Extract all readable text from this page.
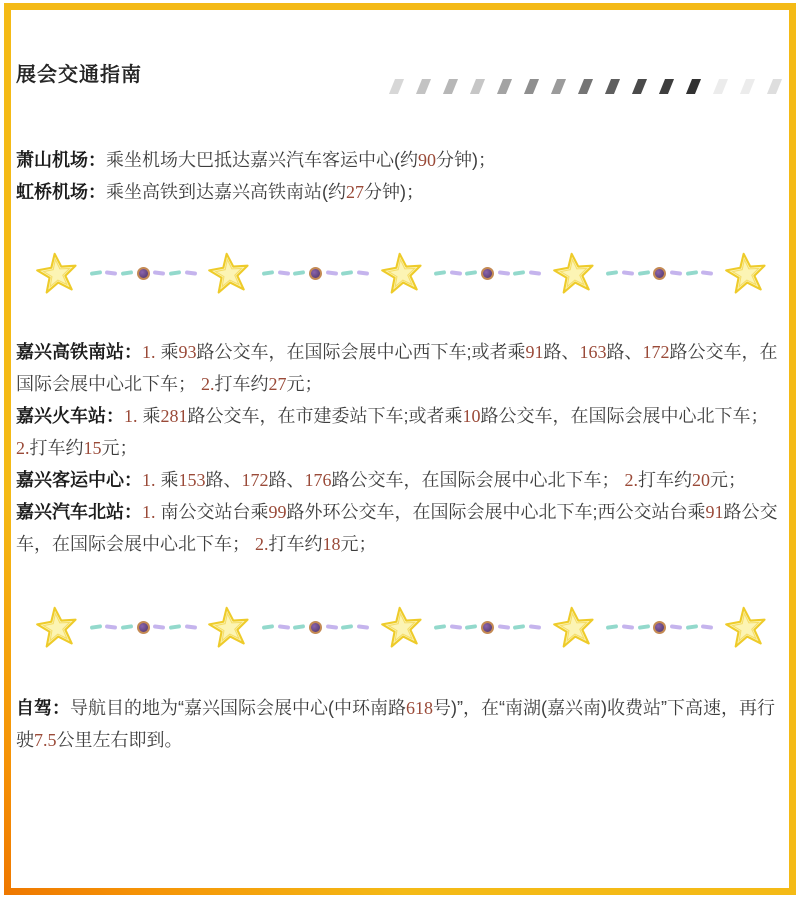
展会交通指南

萧山机场：乘坐机场大巴抵达嘉兴汽车客运中心(约90分钟)；

虹桥机场：乘坐高铁到达嘉兴高铁南站(约27分钟)；

嘉兴高铁南站：1. 乘93路公交车，在国际会展中心西下车;或者乘91路、163路、172路公交车，在国际会展中心北下车； 2.打车约27元；

嘉兴火车站：1. 乘281路公交车，在市建委站下车;或者乘10路公交车，在国际会展中心北下车； 2.打车约15元；

嘉兴客运中心：1. 乘153路、172路、176路公交车，在国际会展中心北下车； 2.打车约20元；

嘉兴汽车北站：1. 南公交站台乘99路外环公交车，在国际会展中心北下车;西公交站台乘91路公交车，在国际会展中心北下车； 2.打车约18元；

自驾：导航目的地为“嘉兴国际会展中心(中环南路618号)”，在“南湖(嘉兴南)收费站”下高速，再行驶7.5公里左右即到。
